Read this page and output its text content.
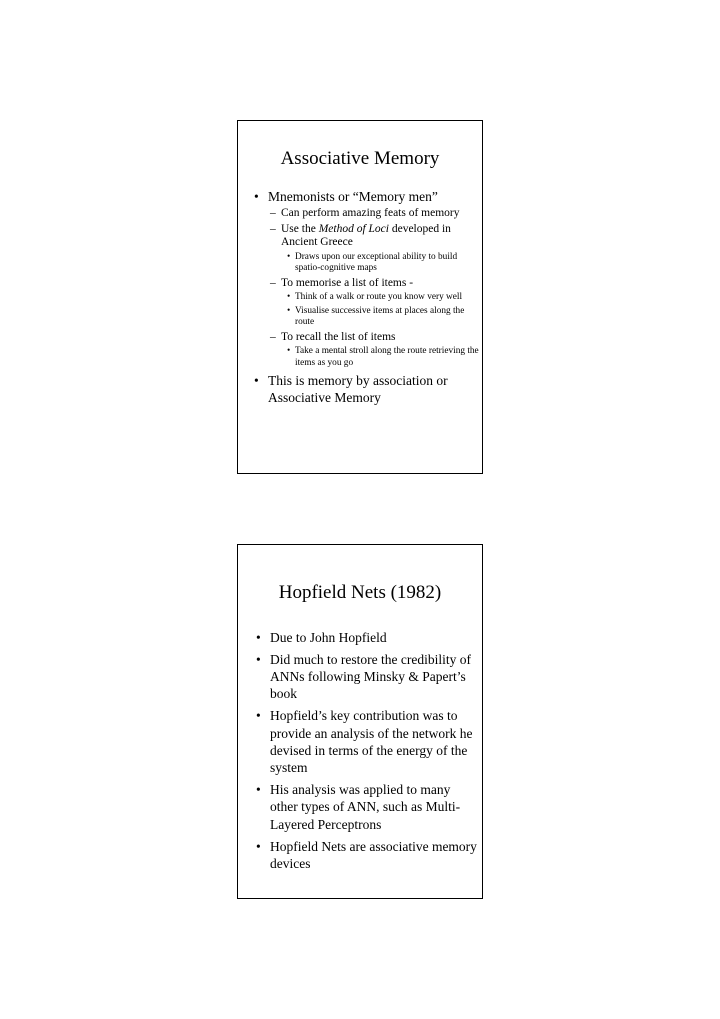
Associative Memory
• Mnemonists or “Memory men”
– Can perform amazing feats of memory
– Use the Method of Loci developed in Ancient Greece
• Draws upon our exceptional ability to build spatio-cognitive maps
– To memorise a list of items -
• Think of a walk or route you know very well
• Visualise successive items at places along the route
– To recall the list of items
• Take a mental stroll along the route retrieving the items as you go
• This is memory by association or Associative Memory
Hopfield Nets (1982)
• Due to John Hopfield
• Did much to restore the credibility of ANNs following Minsky & Papert’s book
• Hopfield’s key contribution was to provide an analysis of the network he devised in terms of the energy of the system
• His analysis was applied to many other types of ANN, such as Multi-Layered Perceptrons
• Hopfield Nets are associative memory devices
